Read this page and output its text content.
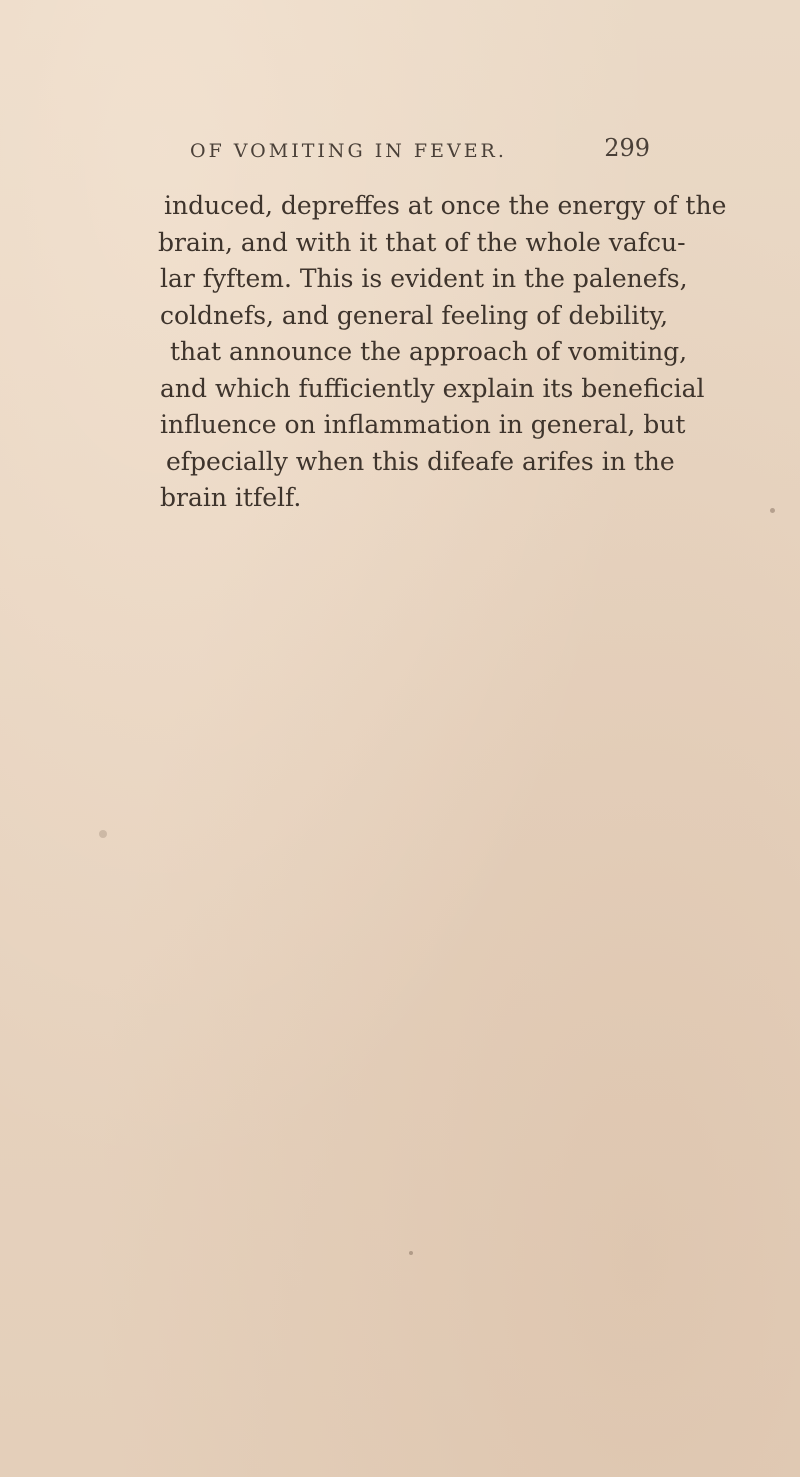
OF VOMITING IN FEVER.	299

induced, depreffes at once the energy of the
brain, and with it that of the whole vafcu-
lar fyftem. This is evident in the palenefs,
coldnefs, and general feeling of debility,
that announce the approach of vomiting,
and which fufficiently explain its beneficial
influence on inflammation in general, but
efpecially when this difeafe arifes in the
brain itfelf.
